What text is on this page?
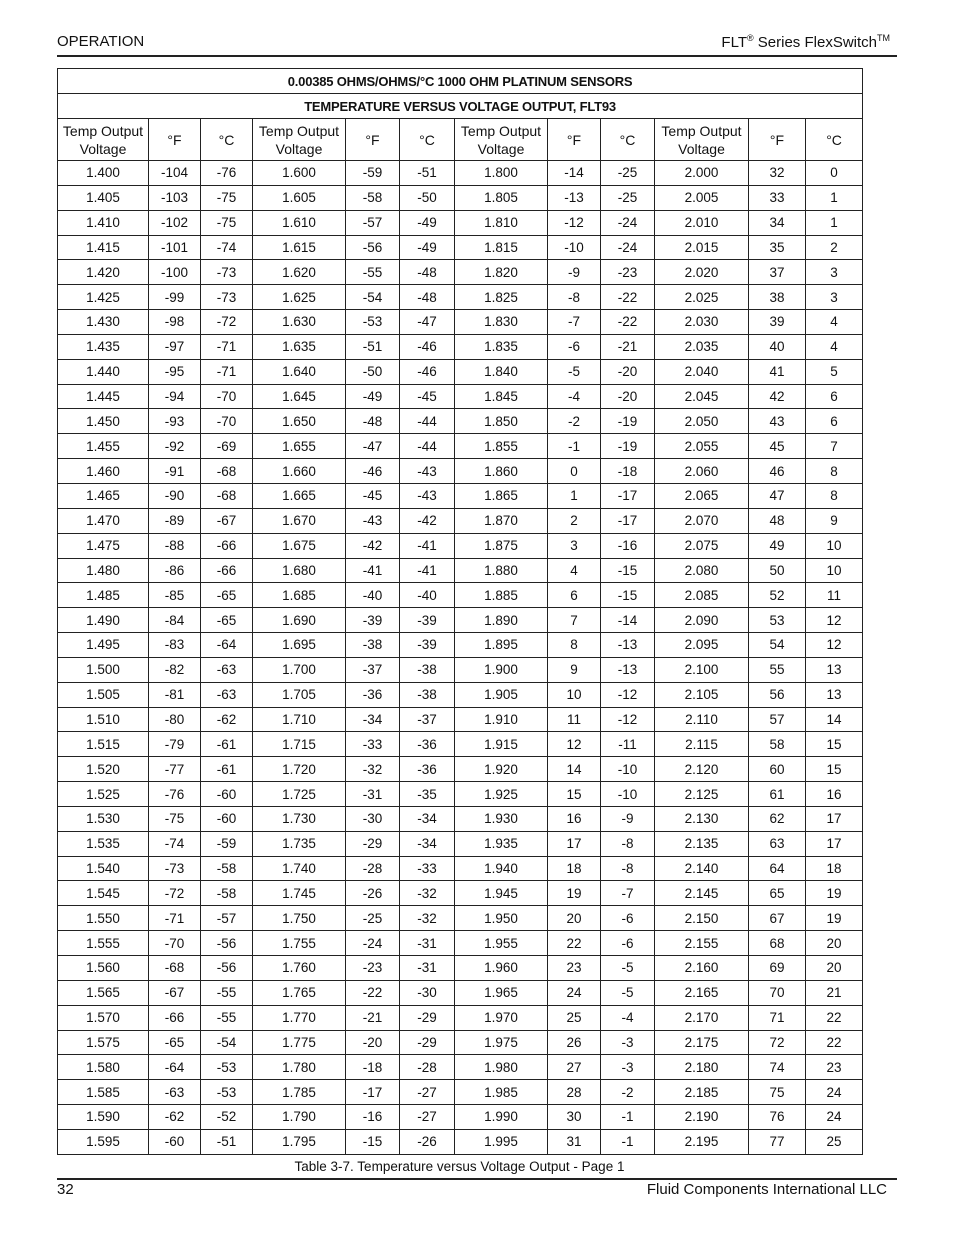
OPERATION	FLT® Series FlexSwitch™
0.00385 OHMS/OHMS/°C 1000 OHM PLATINUM SENSORS											
TEMPERATURE VERSUS VOLTAGE OUTPUT, FLT93											
Temp Output Voltage	°F	°C	Temp Output Voltage	°F	°C	Temp Output Voltage	°F	°C	Temp Output Voltage	°F	°C
1.400	-104	-76	1.600	-59	-51	1.800	-14	-25	2.000	32	0
1.405	-103	-75	1.605	-58	-50	1.805	-13	-25	2.005	33	1
1.410	-102	-75	1.610	-57	-49	1.810	-12	-24	2.010	34	1
1.415	-101	-74	1.615	-56	-49	1.815	-10	-24	2.015	35	2
1.420	-100	-73	1.620	-55	-48	1.820	-9	-23	2.020	37	3
1.425	-99	-73	1.625	-54	-48	1.825	-8	-22	2.025	38	3
1.430	-98	-72	1.630	-53	-47	1.830	-7	-22	2.030	39	4
1.435	-97	-71	1.635	-51	-46	1.835	-6	-21	2.035	40	4
1.440	-95	-71	1.640	-50	-46	1.840	-5	-20	2.040	41	5
1.445	-94	-70	1.645	-49	-45	1.845	-4	-20	2.045	42	6
1.450	-93	-70	1.650	-48	-44	1.850	-2	-19	2.050	43	6
1.455	-92	-69	1.655	-47	-44	1.855	-1	-19	2.055	45	7
1.460	-91	-68	1.660	-46	-43	1.860	0	-18	2.060	46	8
1.465	-90	-68	1.665	-45	-43	1.865	1	-17	2.065	47	8
1.470	-89	-67	1.670	-43	-42	1.870	2	-17	2.070	48	9
1.475	-88	-66	1.675	-42	-41	1.875	3	-16	2.075	49	10
1.480	-86	-66	1.680	-41	-41	1.880	4	-15	2.080	50	10
1.485	-85	-65	1.685	-40	-40	1.885	6	-15	2.085	52	11
1.490	-84	-65	1.690	-39	-39	1.890	7	-14	2.090	53	12
1.495	-83	-64	1.695	-38	-39	1.895	8	-13	2.095	54	12
1.500	-82	-63	1.700	-37	-38	1.900	9	-13	2.100	55	13
1.505	-81	-63	1.705	-36	-38	1.905	10	-12	2.105	56	13
1.510	-80	-62	1.710	-34	-37	1.910	11	-12	2.110	57	14
1.515	-79	-61	1.715	-33	-36	1.915	12	-11	2.115	58	15
1.520	-77	-61	1.720	-32	-36	1.920	14	-10	2.120	60	15
1.525	-76	-60	1.725	-31	-35	1.925	15	-10	2.125	61	16
1.530	-75	-60	1.730	-30	-34	1.930	16	-9	2.130	62	17
1.535	-74	-59	1.735	-29	-34	1.935	17	-8	2.135	63	17
1.540	-73	-58	1.740	-28	-33	1.940	18	-8	2.140	64	18
1.545	-72	-58	1.745	-26	-32	1.945	19	-7	2.145	65	19
1.550	-71	-57	1.750	-25	-32	1.950	20	-6	2.150	67	19
1.555	-70	-56	1.755	-24	-31	1.955	22	-6	2.155	68	20
1.560	-68	-56	1.760	-23	-31	1.960	23	-5	2.160	69	20
1.565	-67	-55	1.765	-22	-30	1.965	24	-5	2.165	70	21
1.570	-66	-55	1.770	-21	-29	1.970	25	-4	2.170	71	22
1.575	-65	-54	1.775	-20	-29	1.975	26	-3	2.175	72	22
1.580	-64	-53	1.780	-18	-28	1.980	27	-3	2.180	74	23
1.585	-63	-53	1.785	-17	-27	1.985	28	-2	2.185	75	24
1.590	-62	-52	1.790	-16	-27	1.990	30	-1	2.190	76	24
1.595	-60	-51	1.795	-15	-26	1.995	31	-1	2.195	77	25
Table 3-7. Temperature versus Voltage Output - Page 1
32	Fluid Components International LLC
